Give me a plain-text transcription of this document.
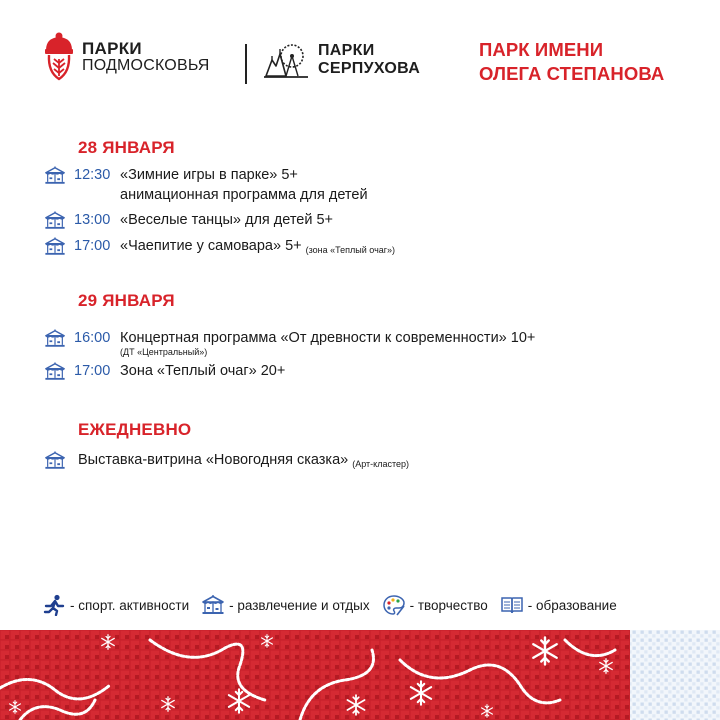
ПАРКИ
ПОДМОСКОВЬЯ
ПАРКИ
СЕРПУХОВА
ПАРК ИМЕНИ
ОЛЕГА СТЕПАНОВА
28 ЯНВАРЯ
12:30 «Зимние игры в парке» 5+
анимационная программа для детей
13:00 «Веселые танцы» для детей 5+
17:00 «Чаепитие у самовара» 5+ (зона «Теплый очаг»)
29 ЯНВАРЯ
16:00 Концертная программа «От древности к современности» 10+
(ДТ «Центральный»)
17:00 Зона «Теплый очаг» 20+
ЕЖЕДНЕВНО
Выставка-витрина «Новогодняя сказка» (Арт-кластер)
- спорт. активности	- развлечение и отдых	- творчество	- образование
